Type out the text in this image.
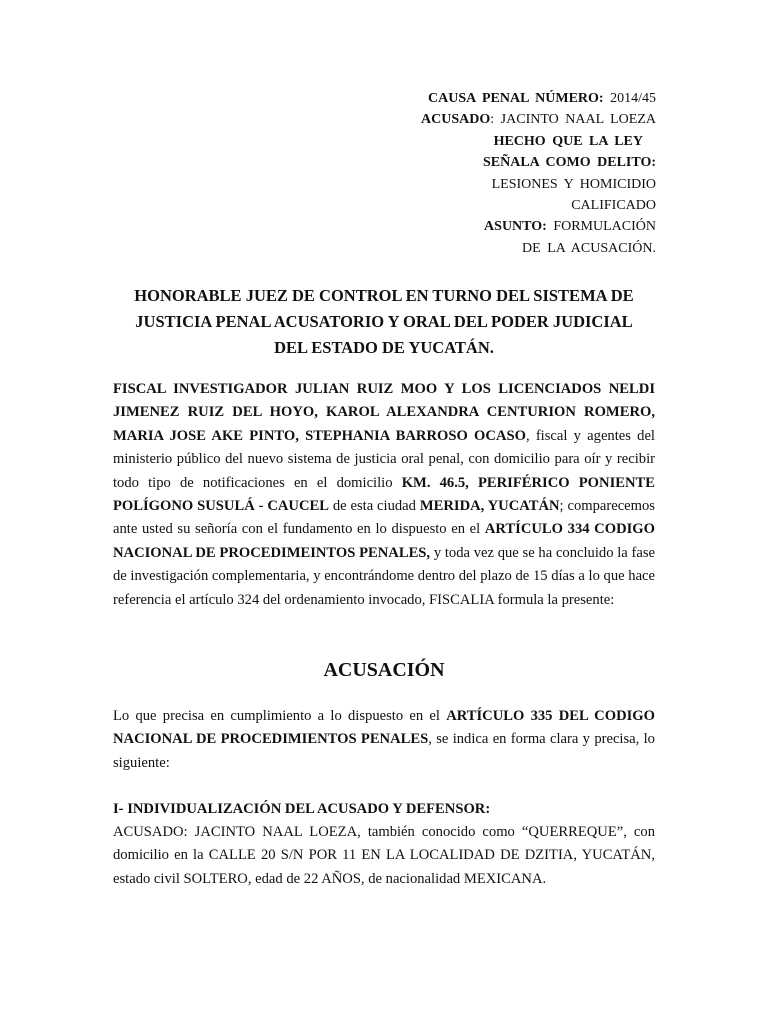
CAUSA PENAL NÚMERO: 2014/45
ACUSADO: JACINTO NAAL LOEZA
HECHO QUE LA LEY
SEÑALA COMO DELITO:
LESIONES Y HOMICIDIO
CALIFICADO
ASUNTO: FORMULACIÓN
DE LA ACUSACIÓN.
HONORABLE JUEZ DE CONTROL EN TURNO DEL SISTEMA DE
JUSTICIA PENAL ACUSATORIO Y ORAL DEL PODER JUDICIAL
DEL ESTADO DE YUCATÁN.
FISCAL INVESTIGADOR JULIAN RUIZ MOO Y LOS LICENCIADOS NELDI JIMENEZ RUIZ DEL HOYO, KAROL ALEXANDRA CENTURION ROMERO, MARIA JOSE AKE PINTO, STEPHANIA BARROSO OCASO, fiscal y agentes del ministerio público del nuevo sistema de justicia oral penal, con domicilio para oír y recibir todo tipo de notificaciones en el domicilio KM. 46.5, PERIFÉRICO PONIENTE POLÍGONO SUSULÁ - CAUCEL de esta ciudad MERIDA, YUCATÁN; comparecemos ante usted su señoría con el fundamento en lo dispuesto en el ARTÍCULO 334 CODIGO NACIONAL DE PROCEDIMEINTOS PENALES, y toda vez que se ha concluido la fase de investigación complementaria, y encontrándome dentro del plazo de 15 días a lo que hace referencia el artículo 324 del ordenamiento invocado, FISCALIA formula la presente:
ACUSACIÓN
Lo que precisa en cumplimiento a lo dispuesto en el ARTÍCULO 335 DEL CODIGO NACIONAL DE PROCEDIMIENTOS PENALES, se indica en forma clara y precisa, lo siguiente:
I- INDIVIDUALIZACIÓN DEL ACUSADO Y DEFENSOR:
ACUSADO: JACINTO NAAL LOEZA, también conocido como “QUERREQUE”, con domicilio en la CALLE 20 S/N POR 11 EN LA LOCALIDAD DE DZITIA, YUCATÁN, estado civil SOLTERO, edad de 22 AÑOS, de nacionalidad MEXICANA.
